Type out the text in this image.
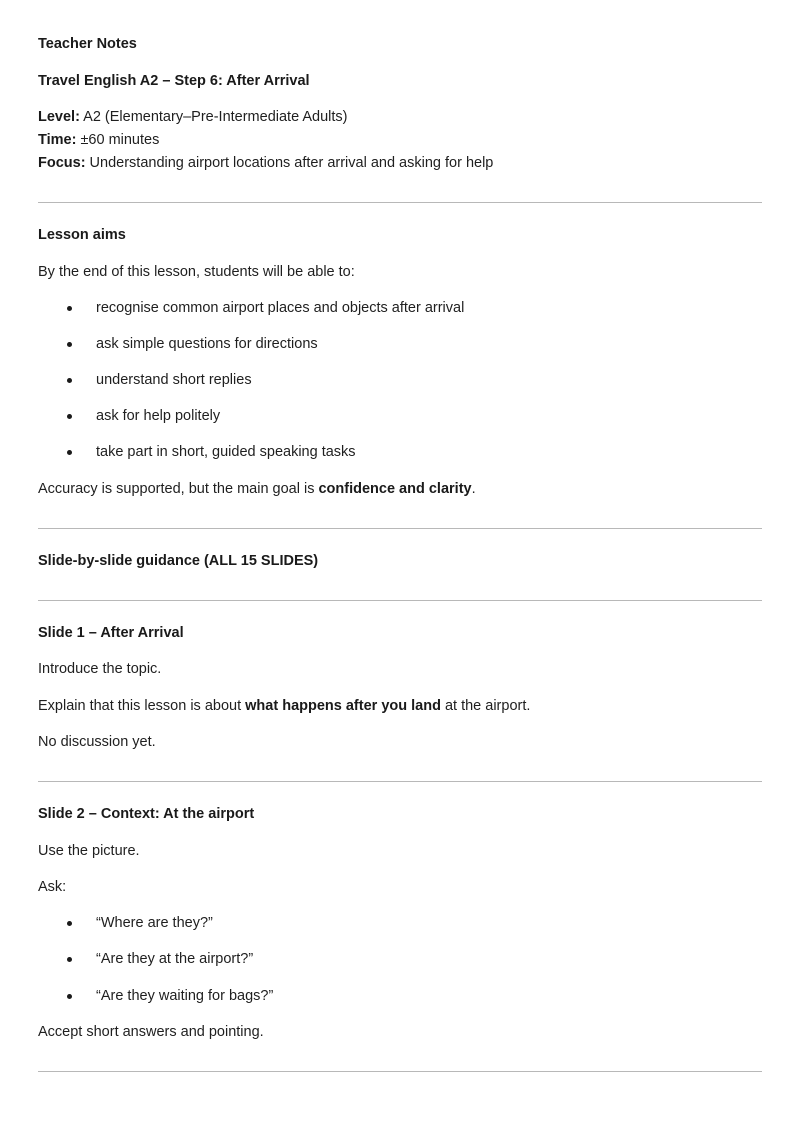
Teacher Notes

Travel English A2 – Step 6: After Arrival

Level: A2 (Elementary–Pre-Intermediate Adults)

Time: ±60 minutes

Focus: Understanding airport locations after arrival and asking for help

Lesson aims

By the end of this lesson, students will be able to:

recognise common airport places and objects after arrival
ask simple questions for directions
understand short replies
ask for help politely
take part in short, guided speaking tasks

Accuracy is supported, but the main goal is confidence and clarity.

Slide-by-slide guidance (ALL 15 SLIDES)

Slide 1 – After Arrival

Introduce the topic.

Explain that this lesson is about what happens after you land at the airport.

No discussion yet.

Slide 2 – Context: At the airport

Use the picture.

Ask:

“Where are they?”
“Are they at the airport?”
“Are they waiting for bags?”

Accept short answers and pointing.
